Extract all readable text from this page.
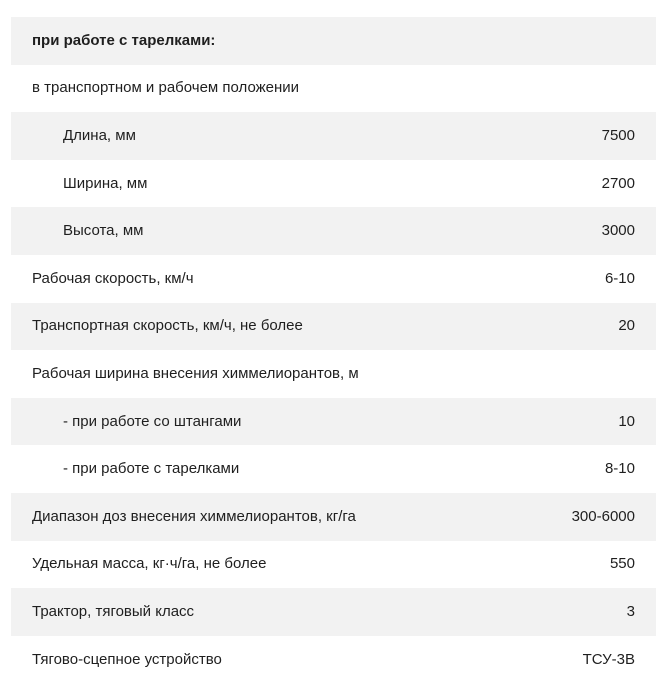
при работе с тарелками:	
в транспортном и рабочем положении	
Длина, мм	7500
Ширина, мм	2700
Высота, мм	3000
Рабочая скорость, км/ч	6-10
Транспортная скорость, км/ч, не более	20
Рабочая ширина внесения химмелиорантов, м	
- при работе со штангами	10
- при работе с тарелками	8-10
Диапазон доз внесения химмелиорантов, кг/га	300-6000
Удельная масса, кг·ч/га, не более	550
Трактор, тяговый класс	3
Тягово-сцепное устройство	ТСУ-3В
